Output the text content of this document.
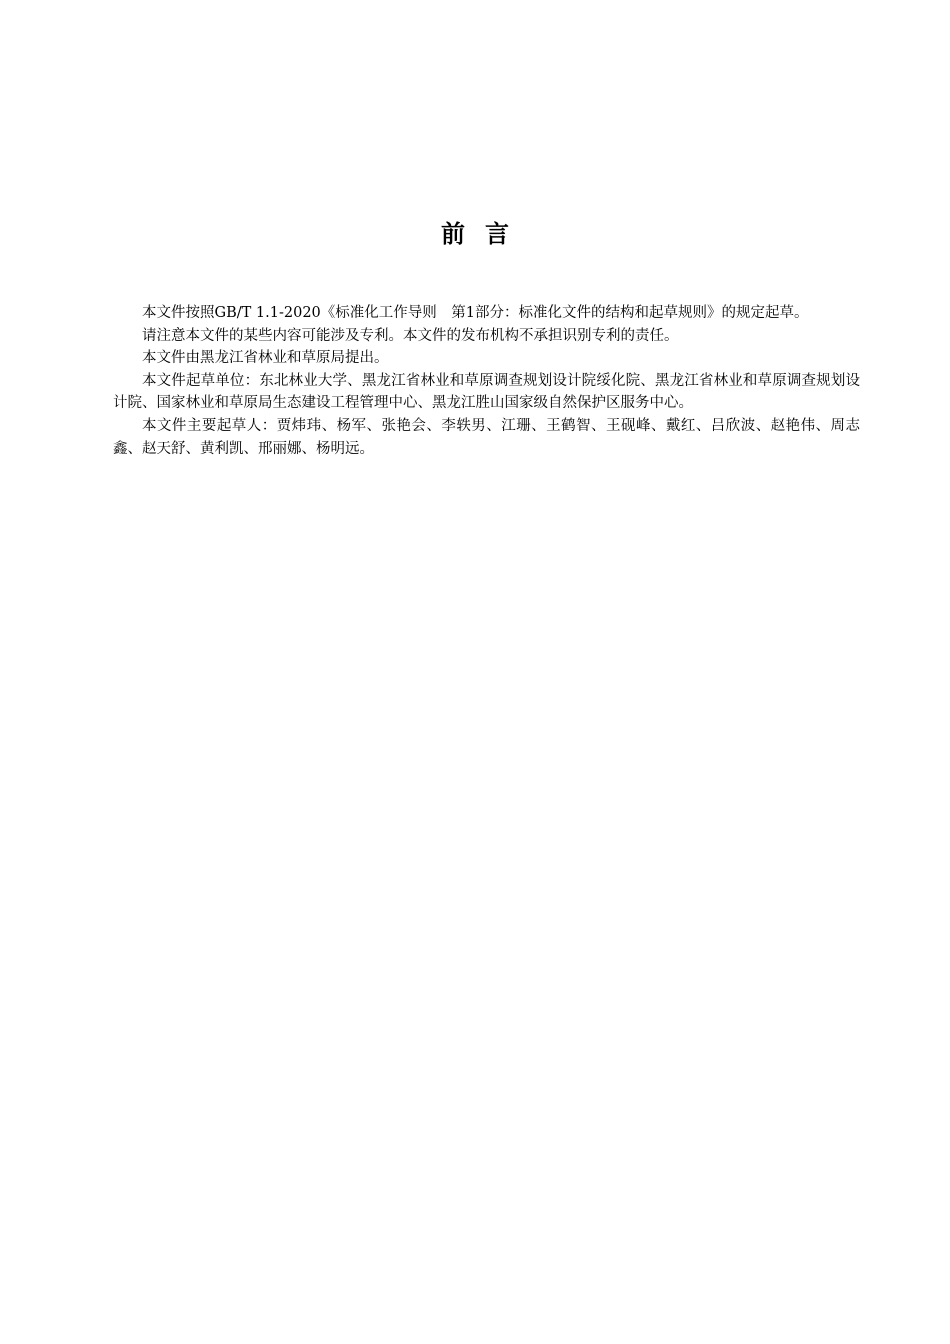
前言

本文件按照GB/T 1.1-2020《标准化工作导则　第1部分：标准化文件的结构和起草规则》的规定起草。

请注意本文件的某些内容可能涉及专利。本文件的发布机构不承担识别专利的责任。

本文件由黑龙江省林业和草原局提出。

本文件起草单位：东北林业大学、黑龙江省林业和草原调查规划设计院绥化院、黑龙江省林业和草原调查规划设计院、国家林业和草原局生态建设工程管理中心、黑龙江胜山国家级自然保护区服务中心。

本文件主要起草人：贾炜玮、杨军、张艳会、李轶男、江珊、王鹤智、王砚峰、戴红、吕欣波、赵艳伟、周志鑫、赵天舒、黄利凯、邢丽娜、杨明远。
